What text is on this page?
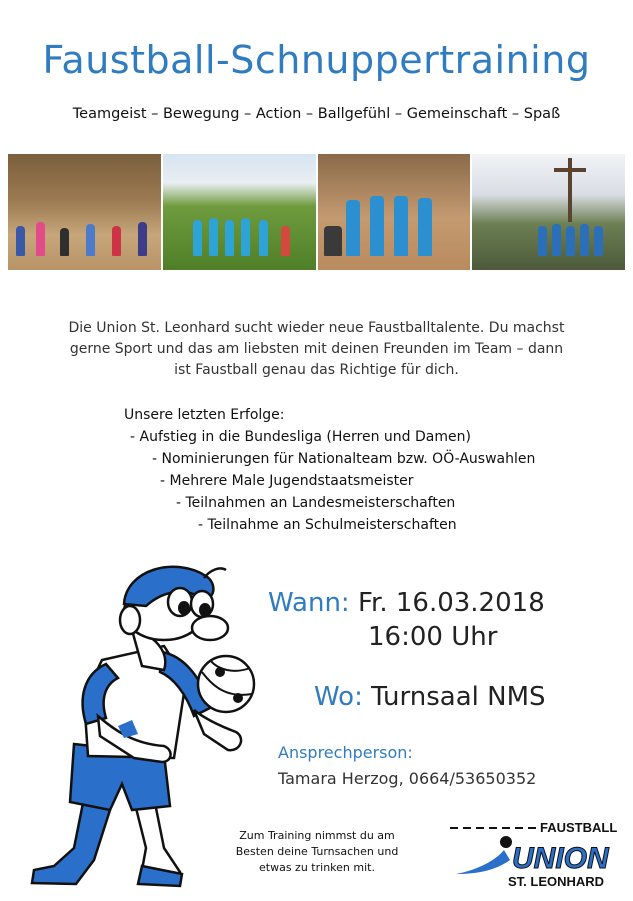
Faustball-Schnuppertraining
Teamgeist – Bewegung – Action – Ballgefühl – Gemeinschaft – Spaß
Die Union St. Leonhard sucht wieder neue Faustballtalente. Du machst gerne Sport und das am liebsten mit deinen Freunden im Team – dann ist Faustball genau das Richtige für dich.
Unsere letzten Erfolge:
- Aufstieg in die Bundesliga (Herren und Damen)
- Nominierungen für Nationalteam bzw. OÖ-Auswahlen
- Mehrere Male Jugendstaatsmeister
- Teilnahmen an Landesmeisterschaften
- Teilnahme an Schulmeisterschaften
Wann: Fr. 16.03.2018
16:00 Uhr
Wo: Turnsaal NMS
Ansprechperson:
Tamara Herzog, 0664/53650352
Zum Training nimmst du am Besten deine Turnsachen und etwas zu trinken mit.
FAUSTBALL
UNION
ST. LEONHARD
